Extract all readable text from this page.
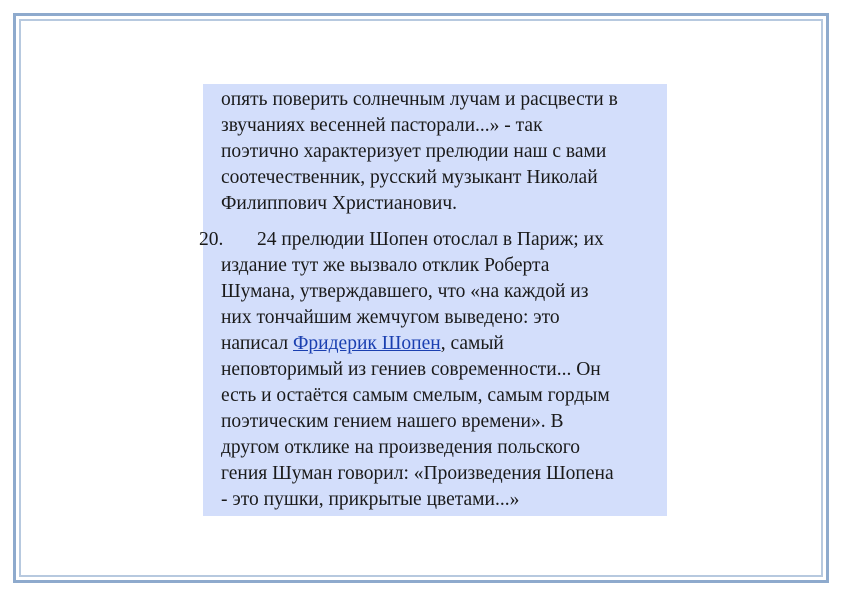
опять поверить солнечным лучам и расцвести в
звучаниях весенней пасторали...» - так
поэтично характеризует прелюдии наш с вами
соотечественник, русский музыкант Николай
Филиппович Христианович.
20.	24 прелюдии Шопен отослал в Париж; их
издание тут же вызвало отклик Роберта
Шумана, утверждавшего, что «на каждой из
них тончайшим жемчугом выведено: это
написал Фридерик Шопен, самый
неповторимый из гениев современности... Он
есть и остаётся самым смелым, самым гордым
поэтическим гением нашего времени». В
другом отклике на произведения польского
гения Шуман говорил: «Произведения Шопена
- это пушки, прикрытые цветами...»
